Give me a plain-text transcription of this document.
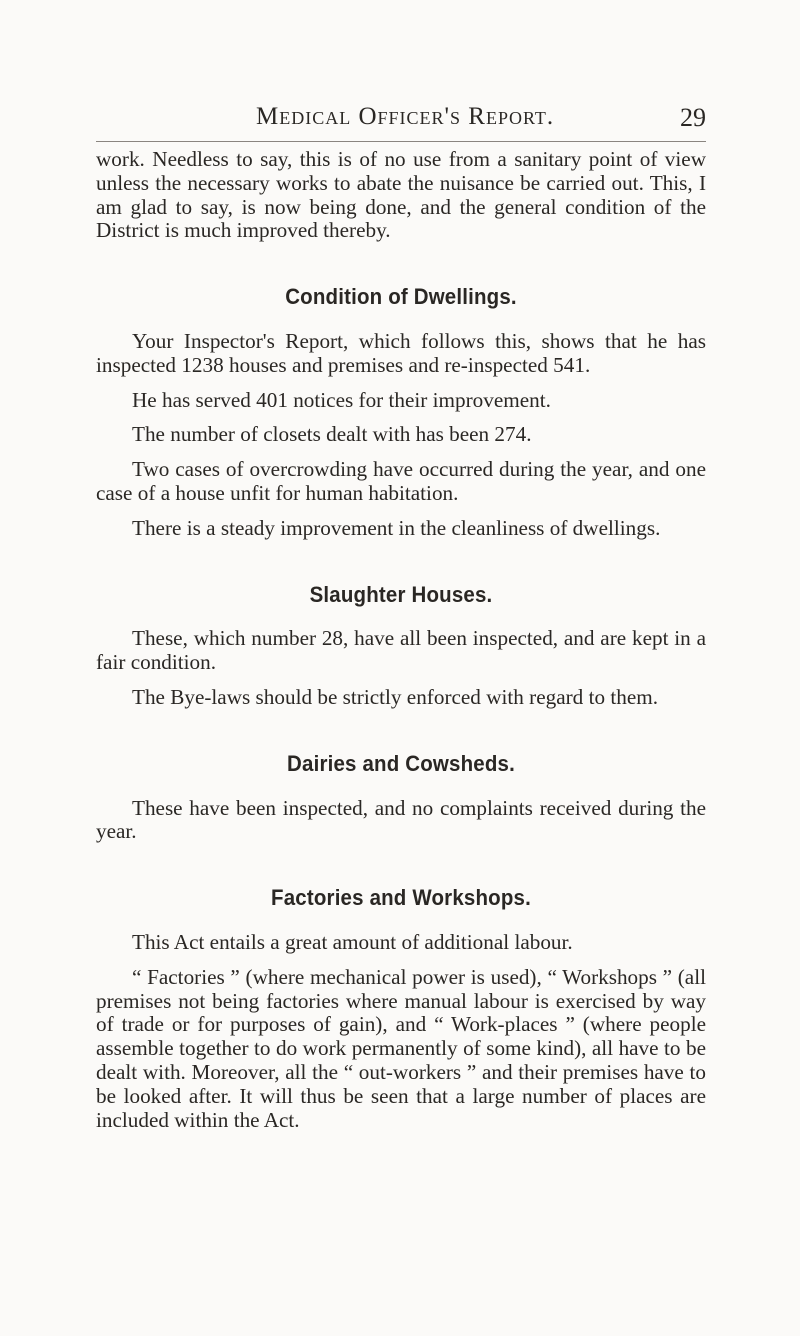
Medical Officer's Report.	29

work. Needless to say, this is of no use from a sanitary point of view unless the necessary works to abate the nuisance be carried out. This, I am glad to say, is now being done, and the general condition of the District is much improved thereby.

Condition of Dwellings.

Your Inspector's Report, which follows this, shows that he has inspected 1238 houses and premises and re-inspected 541.

He has served 401 notices for their improvement.

The number of closets dealt with has been 274.

Two cases of overcrowding have occurred during the year, and one case of a house unfit for human habitation.

There is a steady improvement in the cleanliness of dwellings.

Slaughter Houses.

These, which number 28, have all been inspected, and are kept in a fair condition.

The Bye-laws should be strictly enforced with regard to them.

Dairies and Cowsheds.

These have been inspected, and no complaints received during the year.

Factories and Workshops.

This Act entails a great amount of additional labour.

“ Factories ” (where mechanical power is used), “ Workshops ” (all premises not being factories where manual labour is exercised by way of trade or for purposes of gain), and “ Work-places ” (where people assemble together to do work permanently of some kind), all have to be dealt with. Moreover, all the “ out-workers ” and their premises have to be looked after. It will thus be seen that a large number of places are included within the Act.
